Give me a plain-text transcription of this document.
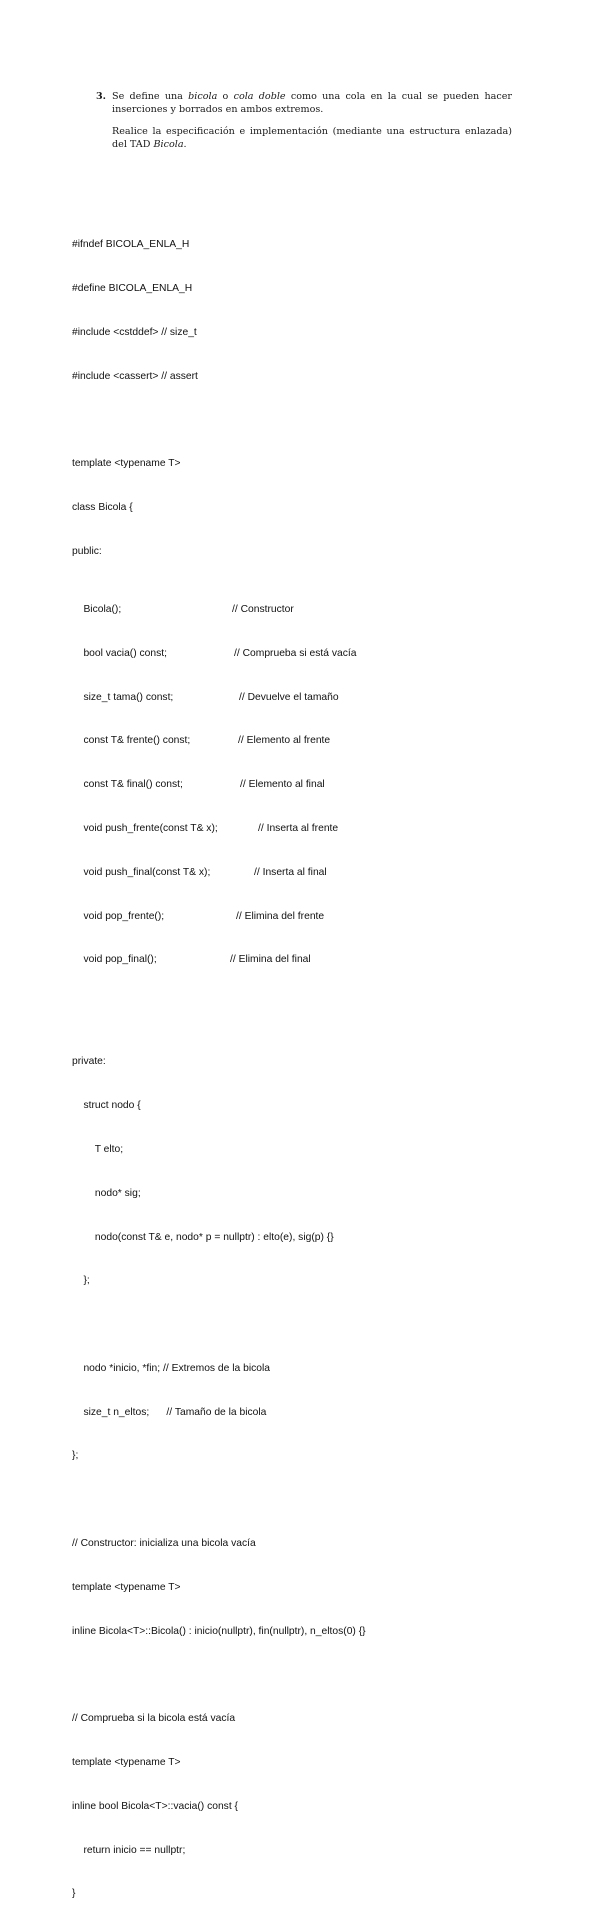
3. Se define una bicola o cola doble como una cola en la cual se pueden hacer inserciones y borrados en ambos extremos.
Realice la especificación e implementación (mediante una estructura enlazada) del TAD Bicola.

#ifndef BICOLA_ENLA_H

#define BICOLA_ENLA_H

#include <cstddef> // size_t

#include <cassert> // assert

template <typename T>

class Bicola {

public:

Bicola();	// Constructor

bool vacia() const;	// Comprueba si está vacía

size_t tama() const;	// Devuelve el tamaño

const T& frente() const;	// Elemento al frente

const T& final() const;	// Elemento al final

void push_frente(const T& x);	// Inserta al frente

void push_final(const T& x);	// Inserta al final

void pop_frente();	// Elimina del frente

void pop_final();	// Elimina del final

private:

struct nodo {

T elto;

nodo* sig;

nodo(const T& e, nodo* p = nullptr) : elto(e), sig(p) {}

};

nodo *inicio, *fin; // Extremos de la bicola

size_t n_eltos;      // Tamaño de la bicola

};

// Constructor: inicializa una bicola vacía

template <typename T>

inline Bicola<T>::Bicola() : inicio(nullptr), fin(nullptr), n_eltos(0) {}

// Comprueba si la bicola está vacía

template <typename T>

inline bool Bicola<T>::vacia() const {

return inicio == nullptr;

}
